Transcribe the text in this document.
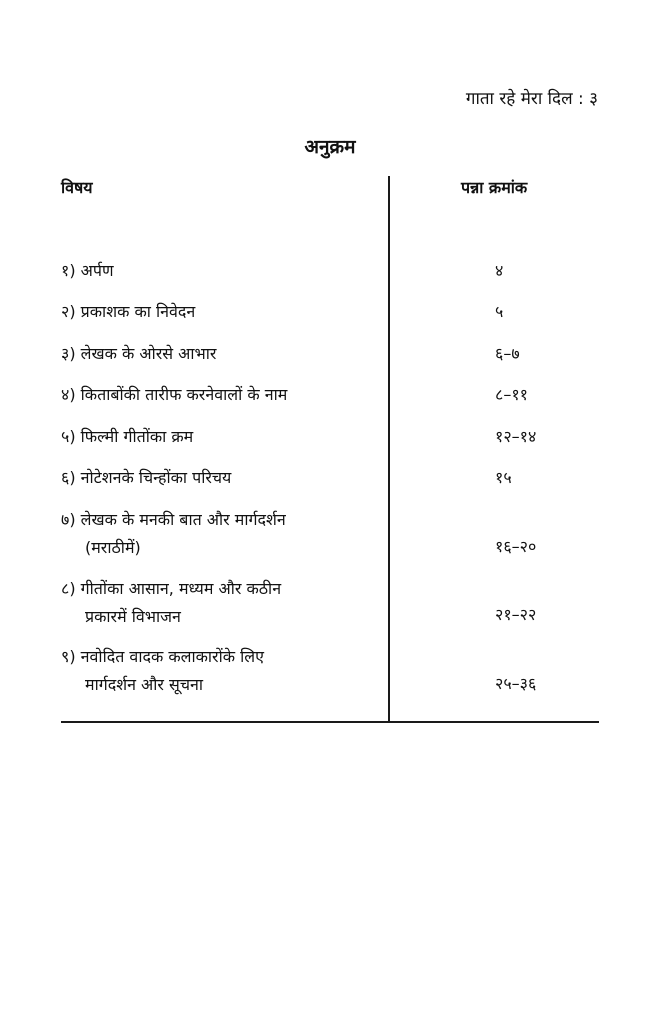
गाता रहे मेरा दिल : ३
अनुक्रम
विषय	पन्ना क्रमांक
१) अर्पण	४
२) प्रकाशक का निवेदन	५
३) लेखक के ओरसे आभार	६–७
४) किताबोंकी तारीफ करनेवालों के नाम	८–११
५) फिल्मी गीतोंका क्रम	१२–१४
६) नोटेशनके चिन्होंका परिचय	१५
७) लेखक के मनकी बात और मार्गदर्शन
(मराठीमें)	१६–२०
८) गीतोंका आसान, मध्यम और कठीन
प्रकारमें विभाजन	२१–२२
९) नवोदित वादक कलाकारोंके लिए
मार्गदर्शन और सूचना	२५–३६
